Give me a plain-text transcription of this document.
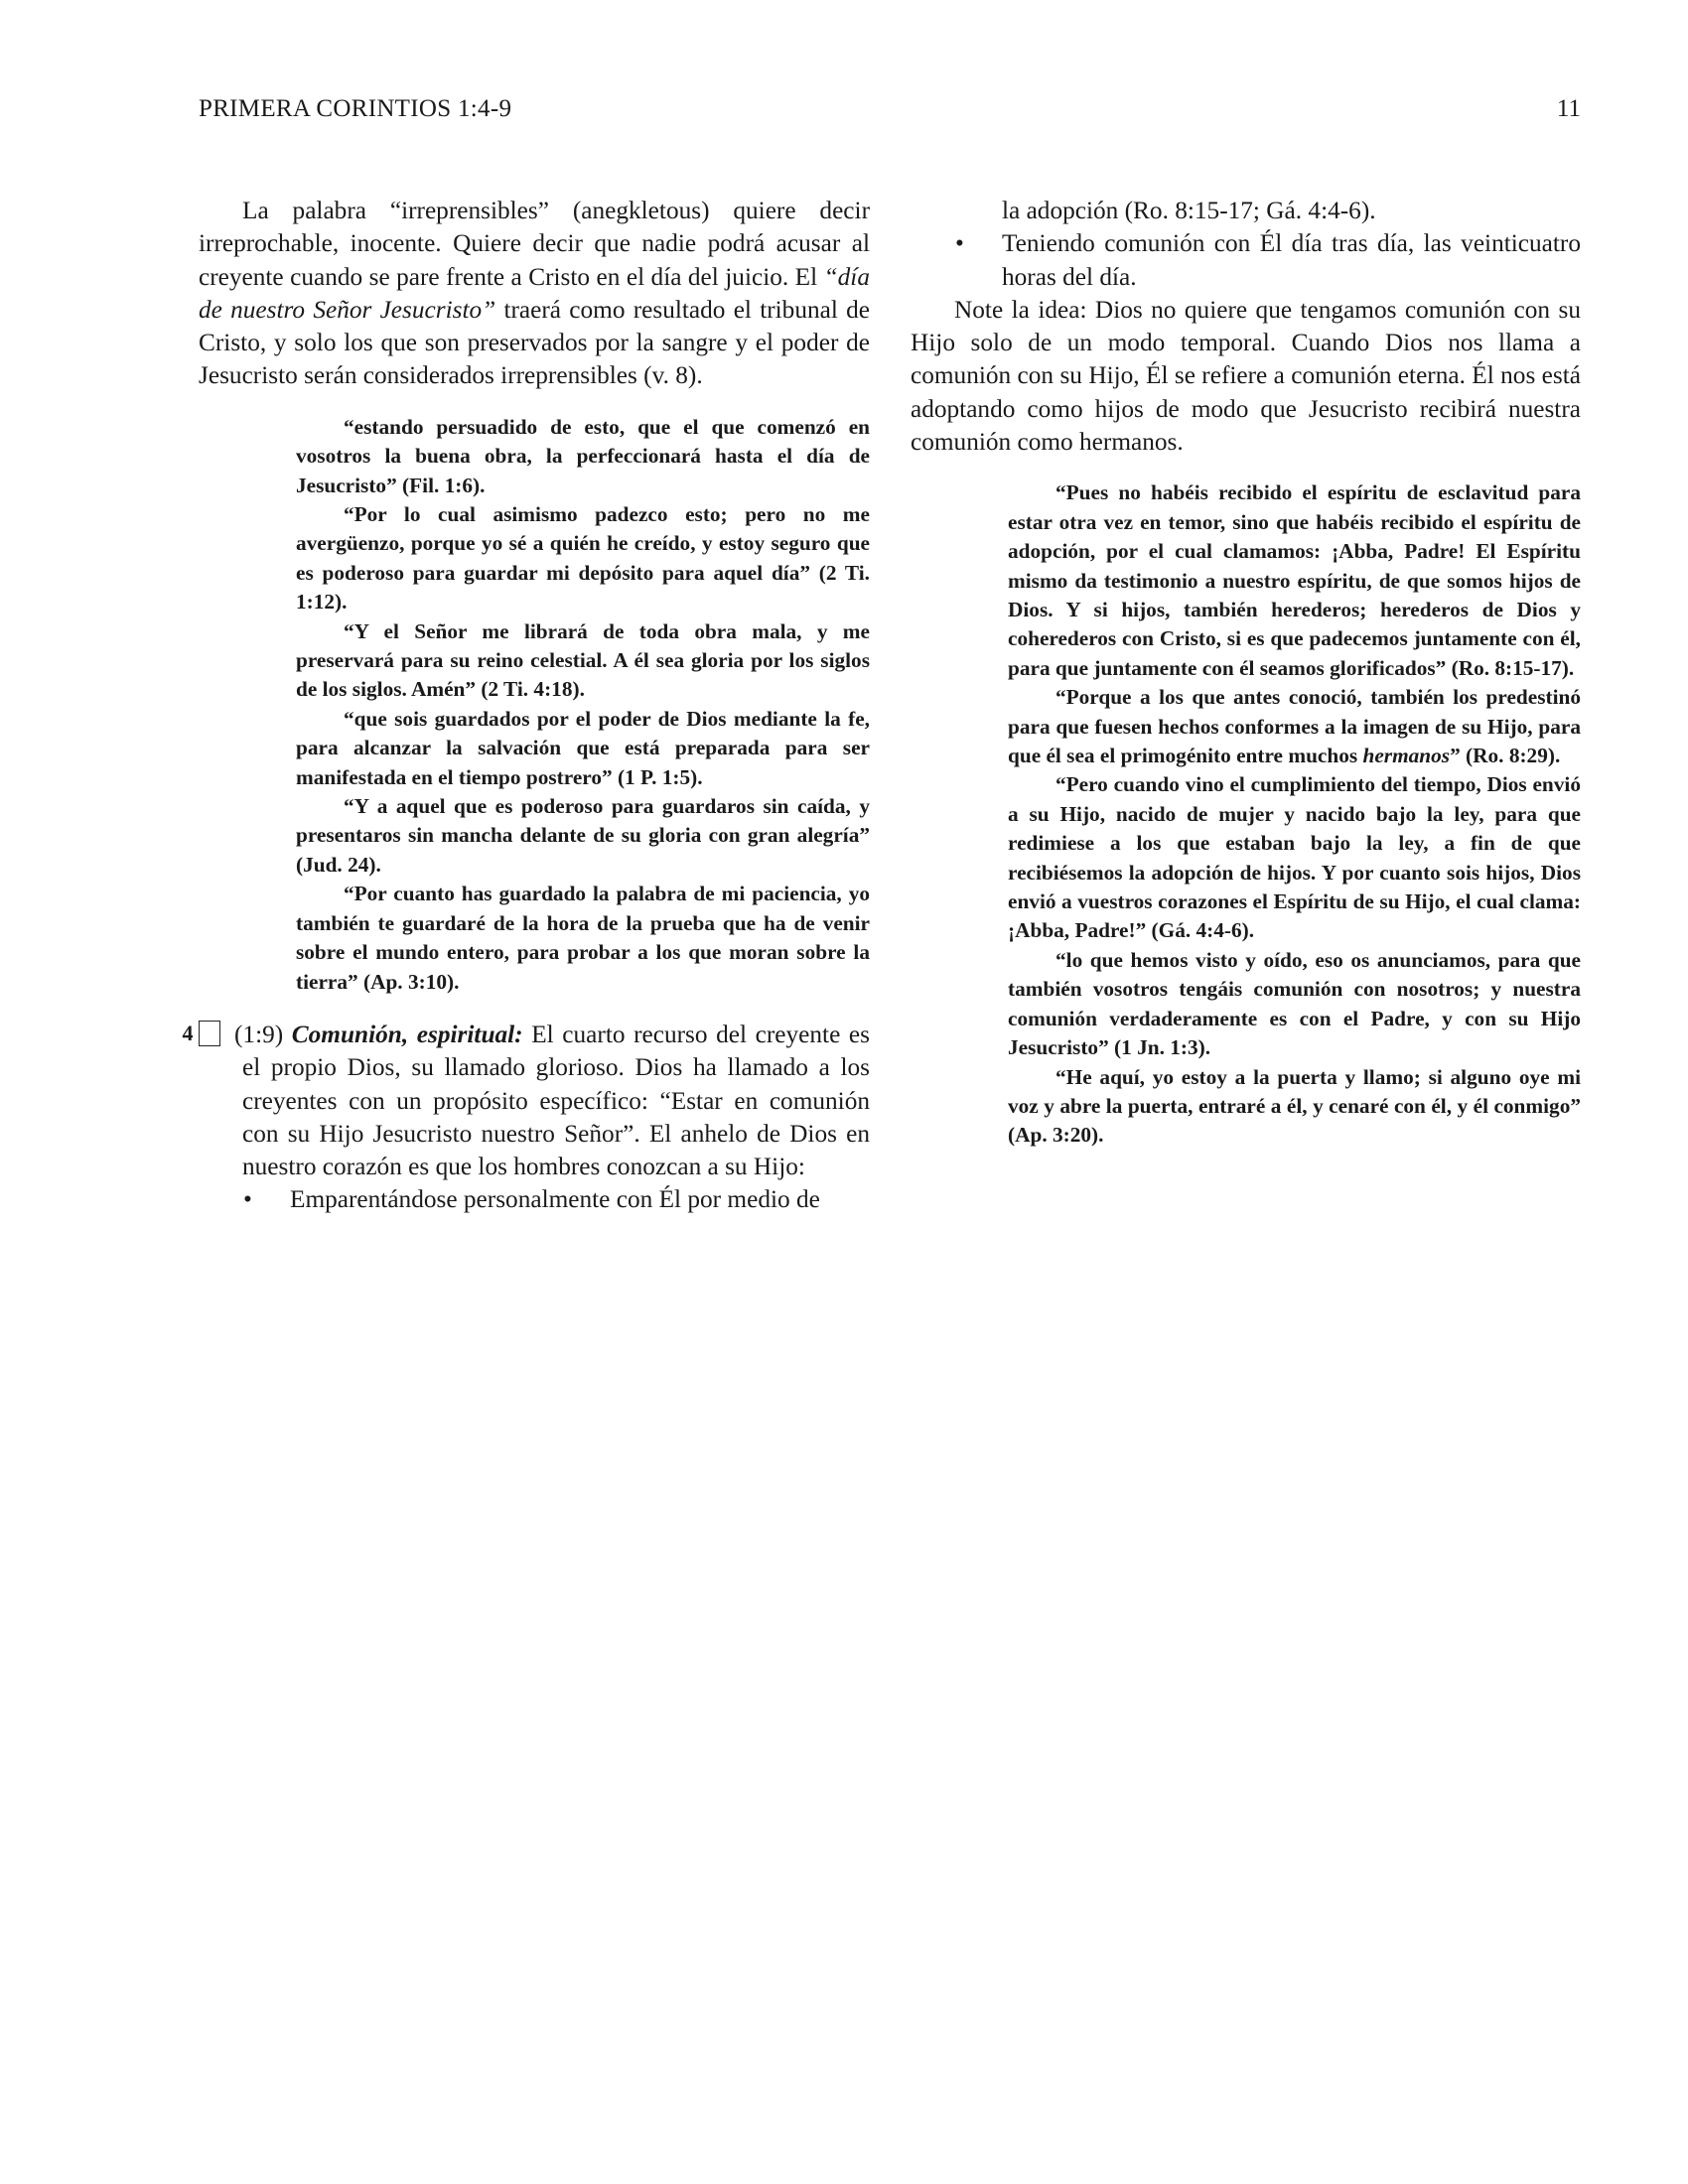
PRIMERA CORINTIOS 1:4-9	11

La palabra “irreprensibles” (anegkletous) quiere decir irreprochable, inocente. Quiere decir que nadie podrá acusar al creyente cuando se pare frente a Cristo en el día del juicio. El “día de nuestro Señor Jesucristo” traerá como resultado el tribunal de Cristo, y solo los que son preservados por la sangre y el poder de Jesucristo serán considerados irreprensibles (v. 8).

“estando persuadido de esto, que el que comenzó en vosotros la buena obra, la perfeccionará hasta el día de Jesucristo” (Fil. 1:6).

“Por lo cual asimismo padezco esto; pero no me avergüenzo, porque yo sé a quién he creído, y estoy seguro que es poderoso para guardar mi depósito para aquel día” (2 Ti. 1:12).

“Y el Señor me librará de toda obra mala, y me preservará para su reino celestial. A él sea gloria por los siglos de los siglos. Amén” (2 Ti. 4:18).

“que sois guardados por el poder de Dios mediante la fe, para alcanzar la salvación que está preparada para ser manifestada en el tiempo postrero” (1 P. 1:5).

“Y a aquel que es poderoso para guardaros sin caída, y presentaros sin mancha delante de su gloria con gran alegría” (Jud. 24).

“Por cuanto has guardado la palabra de mi paciencia, yo también te guardaré de la hora de la prueba que ha de venir sobre el mundo entero, para probar a los que moran sobre la tierra” (Ap. 3:10).

4 (1:9) Comunión, espiritual: El cuarto recurso del creyente es el propio Dios, su llamado glorioso. Dios ha llamado a los creyentes con un propósito específico: “Estar en comunión con su Hijo Jesucristo nuestro Señor”. El anhelo de Dios en nuestro corazón es que los hombres conozcan a su Hijo:

• Emparentándose personalmente con Él por medio de

la adopción (Ro. 8:15-17; Gá. 4:4-6).

• Teniendo comunión con Él día tras día, las veinticuatro horas del día.

Note la idea: Dios no quiere que tengamos comunión con su Hijo solo de un modo temporal. Cuando Dios nos llama a comunión con su Hijo, Él se refiere a comunión eterna. Él nos está adoptando como hijos de modo que Jesucristo recibirá nuestra comunión como hermanos.

“Pues no habéis recibido el espíritu de esclavitud para estar otra vez en temor, sino que habéis recibido el espíritu de adopción, por el cual clamamos: ¡Abba, Padre! El Espíritu mismo da testimonio a nuestro espíritu, de que somos hijos de Dios. Y si hijos, también herederos; herederos de Dios y coherederos con Cristo, si es que padecemos juntamente con él, para que juntamente con él seamos glorificados” (Ro. 8:15-17).

“Porque a los que antes conoció, también los predestinó para que fuesen hechos conformes a la imagen de su Hijo, para que él sea el primogénito entre muchos hermanos” (Ro. 8:29).

“Pero cuando vino el cumplimiento del tiempo, Dios envió a su Hijo, nacido de mujer y nacido bajo la ley, para que redimiese a los que estaban bajo la ley, a fin de que recibiésemos la adopción de hijos. Y por cuanto sois hijos, Dios envió a vuestros corazones el Espíritu de su Hijo, el cual clama: ¡Abba, Padre!” (Gá. 4:4-6).

“lo que hemos visto y oído, eso os anunciamos, para que también vosotros tengáis comunión con nosotros; y nuestra comunión verdaderamente es con el Padre, y con su Hijo Jesucristo” (1 Jn. 1:3).

“He aquí, yo estoy a la puerta y llamo; si alguno oye mi voz y abre la puerta, entraré a él, y cenaré con él, y él conmigo” (Ap. 3:20).
